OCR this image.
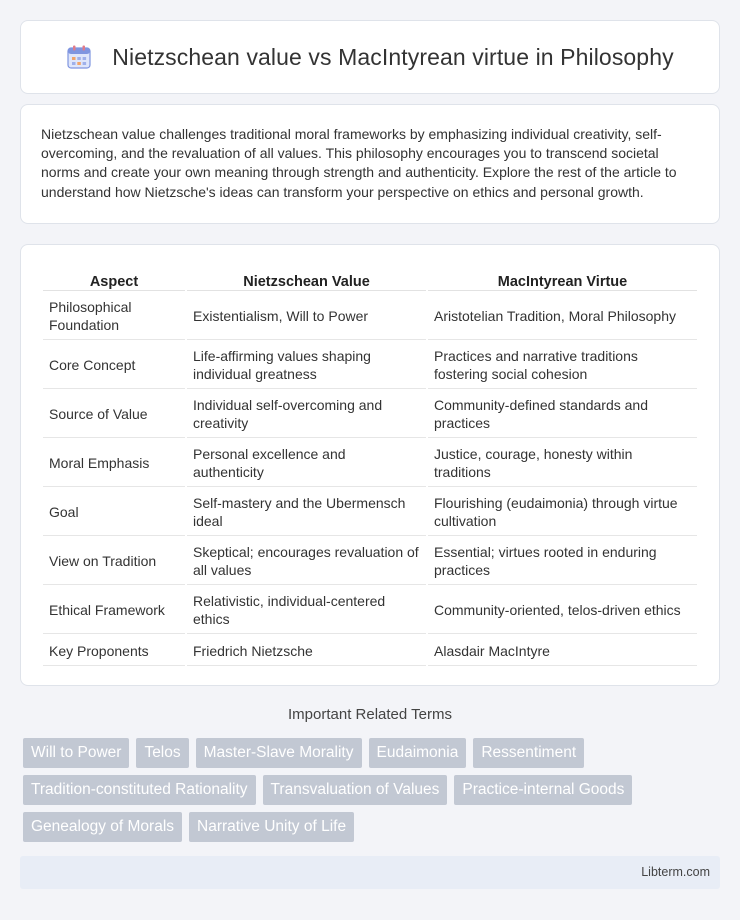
Nietzschean value vs MacIntyrean virtue in Philosophy

Nietzschean value challenges traditional moral frameworks by emphasizing individual creativity, self-overcoming, and the revaluation of all values. This philosophy encourages you to transcend societal norms and create your own meaning through strength and authenticity. Explore the rest of the article to understand how Nietzsche's ideas can transform your perspective on ethics and personal growth.

Aspect	Nietzschean Value	MacIntyrean Virtue
Philosophical Foundation	Existentialism, Will to Power	Aristotelian Tradition, Moral Philosophy
Core Concept	Life-affirming values shaping individual greatness	Practices and narrative traditions fostering social cohesion
Source of Value	Individual self-overcoming and creativity	Community-defined standards and practices
Moral Emphasis	Personal excellence and authenticity	Justice, courage, honesty within traditions
Goal	Self-mastery and the Ubermensch ideal	Flourishing (eudaimonia) through virtue cultivation
View on Tradition	Skeptical; encourages revaluation of all values	Essential; virtues rooted in enduring practices
Ethical Framework	Relativistic, individual-centered ethics	Community-oriented, telos-driven ethics
Key Proponents	Friedrich Nietzsche	Alasdair MacIntyre
Important Related Terms
Will to Power	Telos	Master-Slave Morality	Eudaimonia	Ressentiment
Tradition-constituted Rationality	Transvaluation of Values	Practice-internal Goods
Genealogy of Morals	Narrative Unity of Life
Libterm.com
